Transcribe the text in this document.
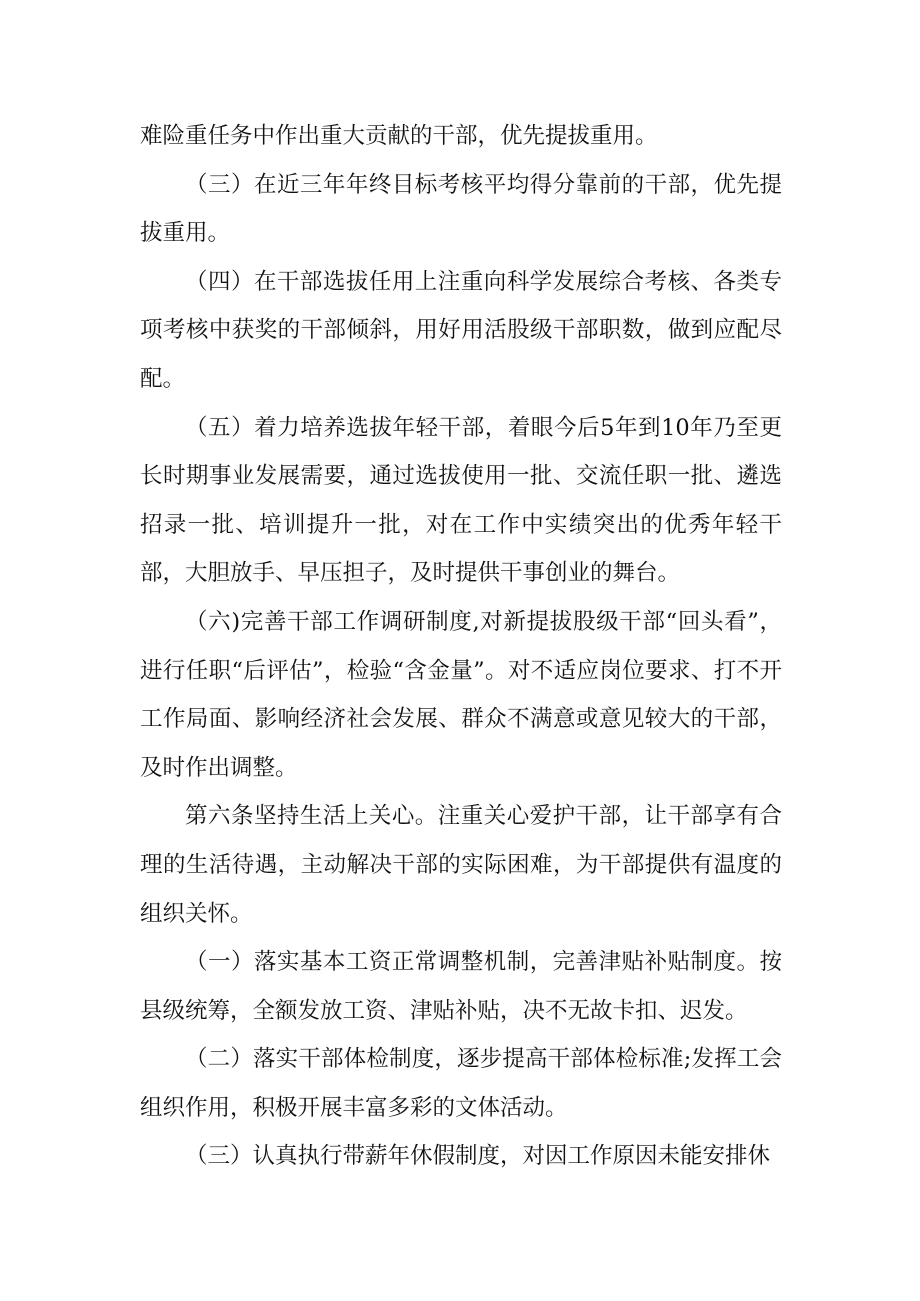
难险重任务中作出重大贡献的干部，优先提拔重用。

（三）在近三年年终目标考核平均得分靠前的干部，优先提拔重用。

（四）在干部选拔任用上注重向科学发展综合考核、各类专项考核中获奖的干部倾斜，用好用活股级干部职数，做到应配尽配。

（五）着力培养选拔年轻干部，着眼今后5年到10年乃至更长时期事业发展需要，通过选拔使用一批、交流任职一批、遴选招录一批、培训提升一批，对在工作中实绩突出的优秀年轻干部，大胆放手、早压担子，及时提供干事创业的舞台。

（六)完善干部工作调研制度,对新提拔股级干部“回头看”，进行任职“后评估”，检验“含金量”。对不适应岗位要求、打不开工作局面、影响经济社会发展、群众不满意或意见较大的干部，及时作出调整。

第六条坚持生活上关心。注重关心爱护干部，让干部享有合理的生活待遇，主动解决干部的实际困难，为干部提供有温度的组织关怀。

（一）落实基本工资正常调整机制，完善津贴补贴制度。按县级统筹，全额发放工资、津贴补贴，决不无故卡扣、迟发。

（二）落实干部体检制度，逐步提高干部体检标准;发挥工会组织作用，积极开展丰富多彩的文体活动。

（三）认真执行带薪年休假制度，对因工作原因未能安排休
